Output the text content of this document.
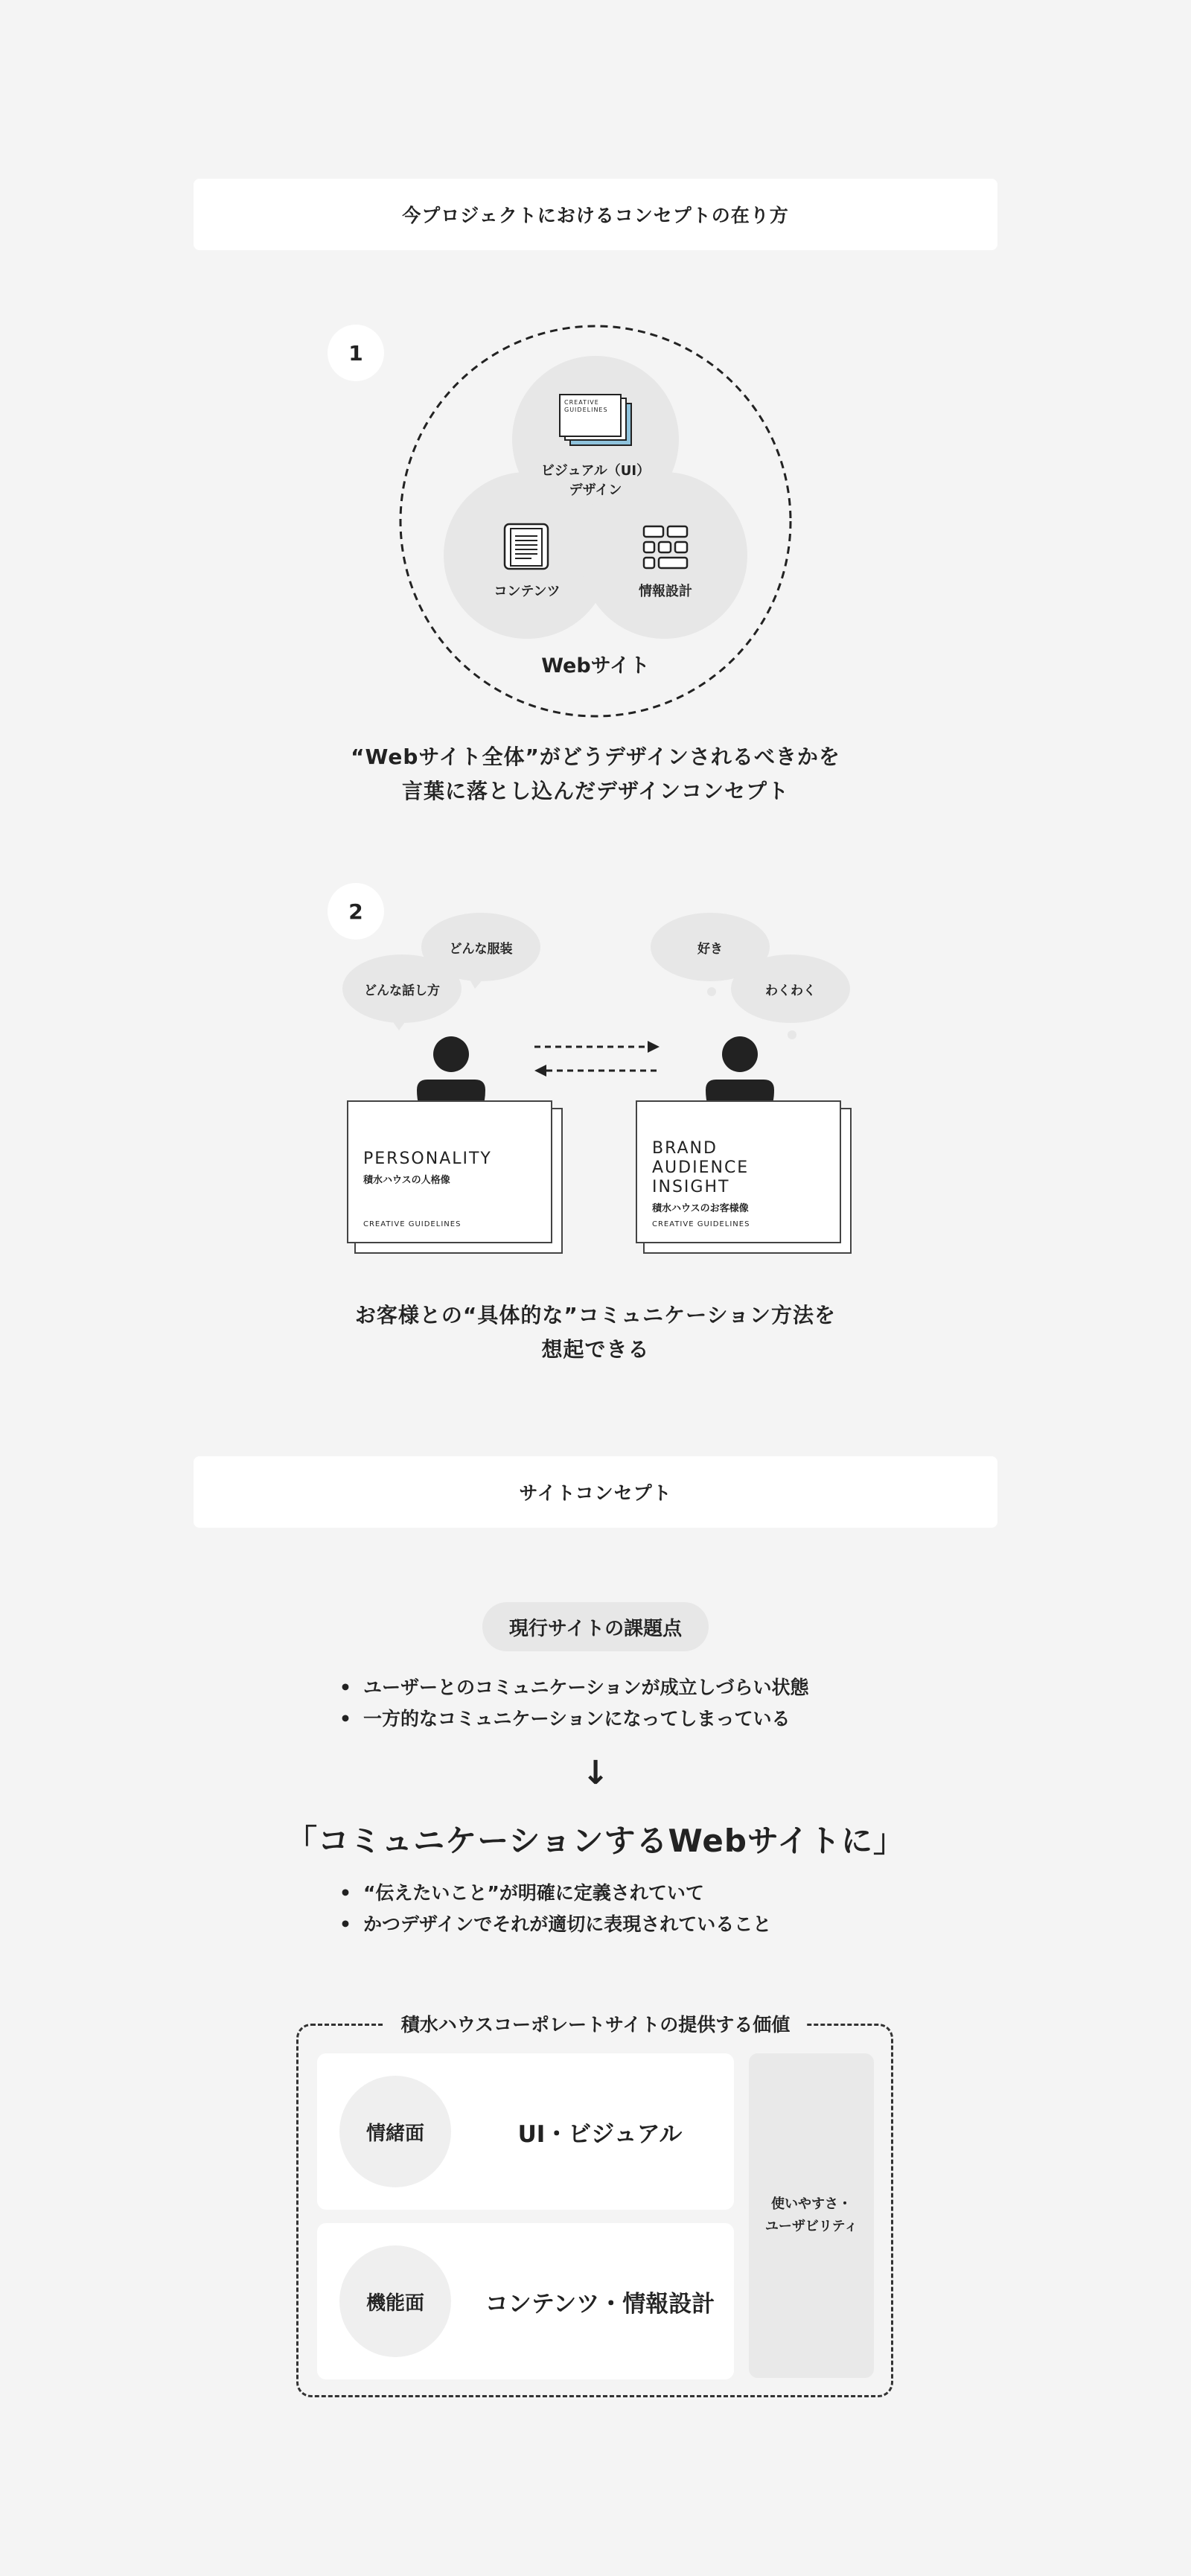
今プロジェクトにおけるコンセプトの在り方
1
CREATIVE GUIDELINES
ビジュアル（UI）
デザイン
コンテンツ	情報設計
Webサイト
“Webサイト全体”がどうデザインされるべきかを
言葉に落とし込んだデザインコンセプト
2
どんな服装
どんな話し方
好き
わくわく
PERSONALITY
積水ハウスの人格像
CREATIVE GUIDELINES
BRAND
AUDIENCE INSIGHT
積水ハウスのお客様像
CREATIVE GUIDELINES
お客様との“具体的な”コミュニケーション方法を
想起できる
サイトコンセプト
現行サイトの課題点
• ユーザーとのコミュニケーションが成立しづらい状態
• 一方的なコミュニケーションになってしまっている
↓
「コミュニケーションするWebサイトに」
• “伝えたいこと”が明確に定義されていて
• かつデザインでそれが適切に表現されていること
積水ハウスコーポレートサイトの提供する価値
情緒面	UI・ビジュアル
機能面	コンテンツ・情報設計
使いやすさ・
ユーザビリティ
